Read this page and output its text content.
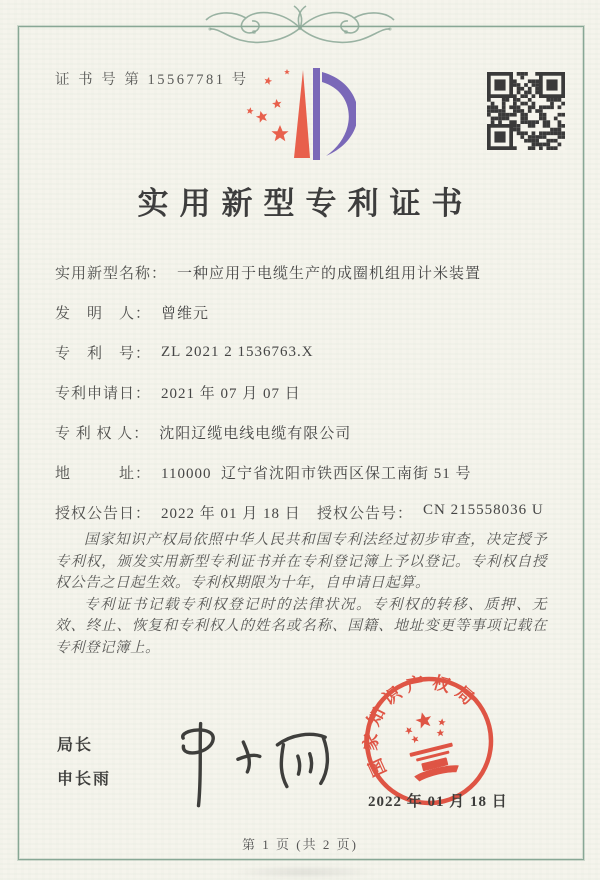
证 书 号 第 15567781 号
实用新型专利证书
实用新型名称： 一种应用于电缆生产的成圈机组用计米装置
发　明　人： 曾维元
专　利　号： ZL 2021 2 1536763.X
专利申请日： 2021 年 07 月 07 日
专 利 权 人： 沈阳辽缆电线电缆有限公司
地　　　址： 110000  辽宁省沈阳市铁西区保工南街 51 号
授权公告日： 2022 年 01 月 18 日 授权公告号： CN 215558036 U

国家知识产权局依照中华人民共和国专利法经过初步审查，决定授予专利权，颁发实用新型专利证书并在专利登记簿上予以登记。专利权自授权公告之日起生效。专利权期限为十年，自申请日起算。

专利证书记载专利权登记时的法律状况。专利权的转移、质押、无效、终止、恢复和专利权人的姓名或名称、国籍、地址变更等事项记载在专利登记簿上。

局长
申长雨
国家知识产权局
2022 年 01 月 18 日
第 1 页 (共 2 页)
